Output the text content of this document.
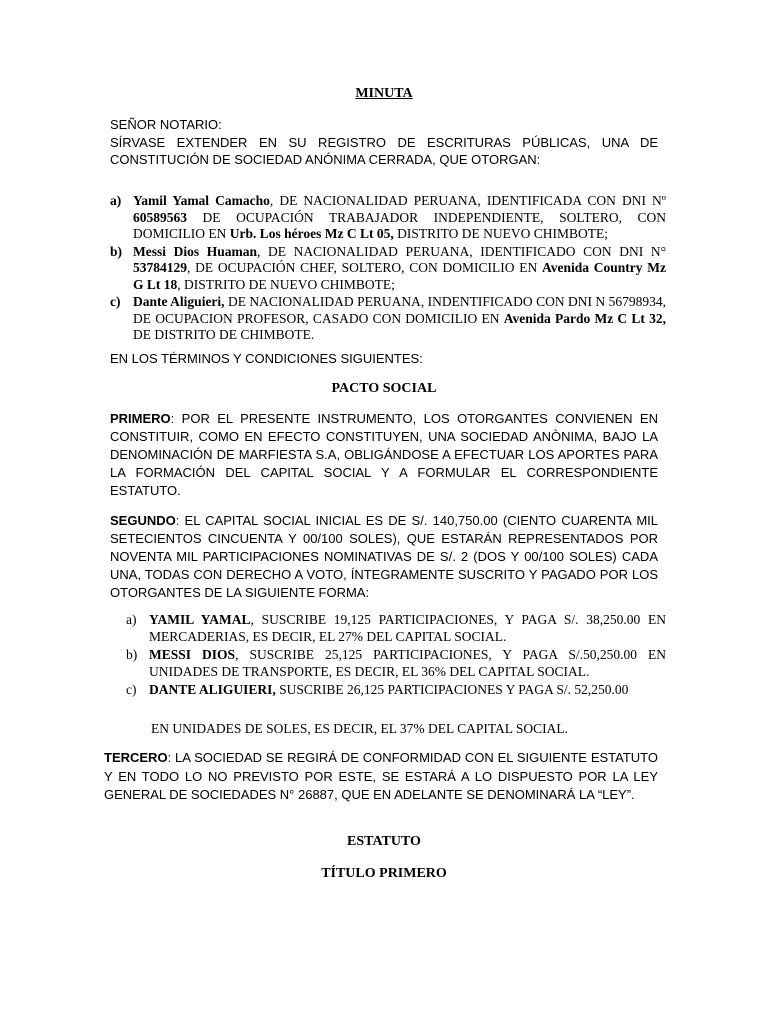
MINUTA
SEÑOR NOTARIO:
SÍRVASE EXTENDER EN SU REGISTRO DE ESCRITURAS PÚBLICAS, UNA DE CONSTITUCIÓN DE SOCIEDAD ANÓNIMA CERRADA, QUE OTORGAN:
a) Yamil Yamal Camacho, DE NACIONALIDAD PERUANA, IDENTIFICADA CON DNI Nº 60589563 DE OCUPACIÓN TRABAJADOR INDEPENDIENTE, SOLTERO, CON DOMICILIO EN Urb. Los héroes Mz C Lt 05, DISTRITO DE NUEVO CHIMBOTE;
b) Messi Dios Huaman, DE NACIONALIDAD PERUANA, IDENTIFICADO CON DNI N° 53784129, DE OCUPACIÓN CHEF, SOLTERO, CON DOMICILIO EN Avenida Country Mz G Lt 18, DISTRITO DE NUEVO CHIMBOTE;
c) Dante Aliguieri, DE NACIONALIDAD PERUANA, INDENTIFICADO CON DNI N 56798934, DE OCUPACION PROFESOR, CASADO CON DOMICILIO EN Avenida Pardo Mz C Lt 32, DE DISTRITO DE CHIMBOTE.
EN LOS TÉRMINOS Y CONDICIONES SIGUIENTES:
PACTO SOCIAL
PRIMERO: POR EL PRESENTE INSTRUMENTO, LOS OTORGANTES CONVIENEN EN CONSTITUIR, COMO EN EFECTO CONSTITUYEN, UNA SOCIEDAD ANÒNIMA, BAJO LA DENOMINACIÓN DE MARFIESTA S.A, OBLIGÁNDOSE A EFECTUAR LOS APORTES PARA LA FORMACIÓN DEL CAPITAL SOCIAL Y A FORMULAR EL CORRESPONDIENTE ESTATUTO.
SEGUNDO: EL CAPITAL SOCIAL INICIAL ES DE S/. 140,750.00 (CIENTO CUARENTA MIL SETECIENTOS CINCUENTA Y 00/100 SOLES), QUE ESTARÁN REPRESENTADOS POR NOVENTA MIL PARTICIPACIONES NOMINATIVAS DE S/. 2 (DOS Y 00/100 SOLES) CADA UNA, TODAS CON DERECHO A VOTO, ÍNTEGRAMENTE SUSCRITO Y PAGADO POR LOS OTORGANTES DE LA SIGUIENTE FORMA:
a) YAMIL YAMAL, SUSCRIBE 19,125 PARTICIPACIONES, Y PAGA S/. 38,250.00 EN MERCADERIAS, ES DECIR, EL 27% DEL CAPITAL SOCIAL.
b) MESSI DIOS, SUSCRIBE 25,125 PARTICIPACIONES, Y PAGA S/.50,250.00 EN UNIDADES DE TRANSPORTE, ES DECIR, EL 36% DEL CAPITAL SOCIAL.
c) DANTE ALIGUIERI, SUSCRIBE 26,125 PARTICIPACIONES Y PAGA S/. 52,250.00
EN UNIDADES DE SOLES, ES DECIR, EL 37% DEL CAPITAL SOCIAL.
TERCERO: LA SOCIEDAD SE REGIRÁ DE CONFORMIDAD CON EL SIGUIENTE ESTATUTO Y EN TODO LO NO PREVISTO POR ESTE, SE ESTARÁ A LO DISPUESTO POR LA LEY GENERAL DE SOCIEDADES N° 26887, QUE EN ADELANTE SE DENOMINARÁ LA “LEY”.
ESTATUTO
TÍTULO PRIMERO
